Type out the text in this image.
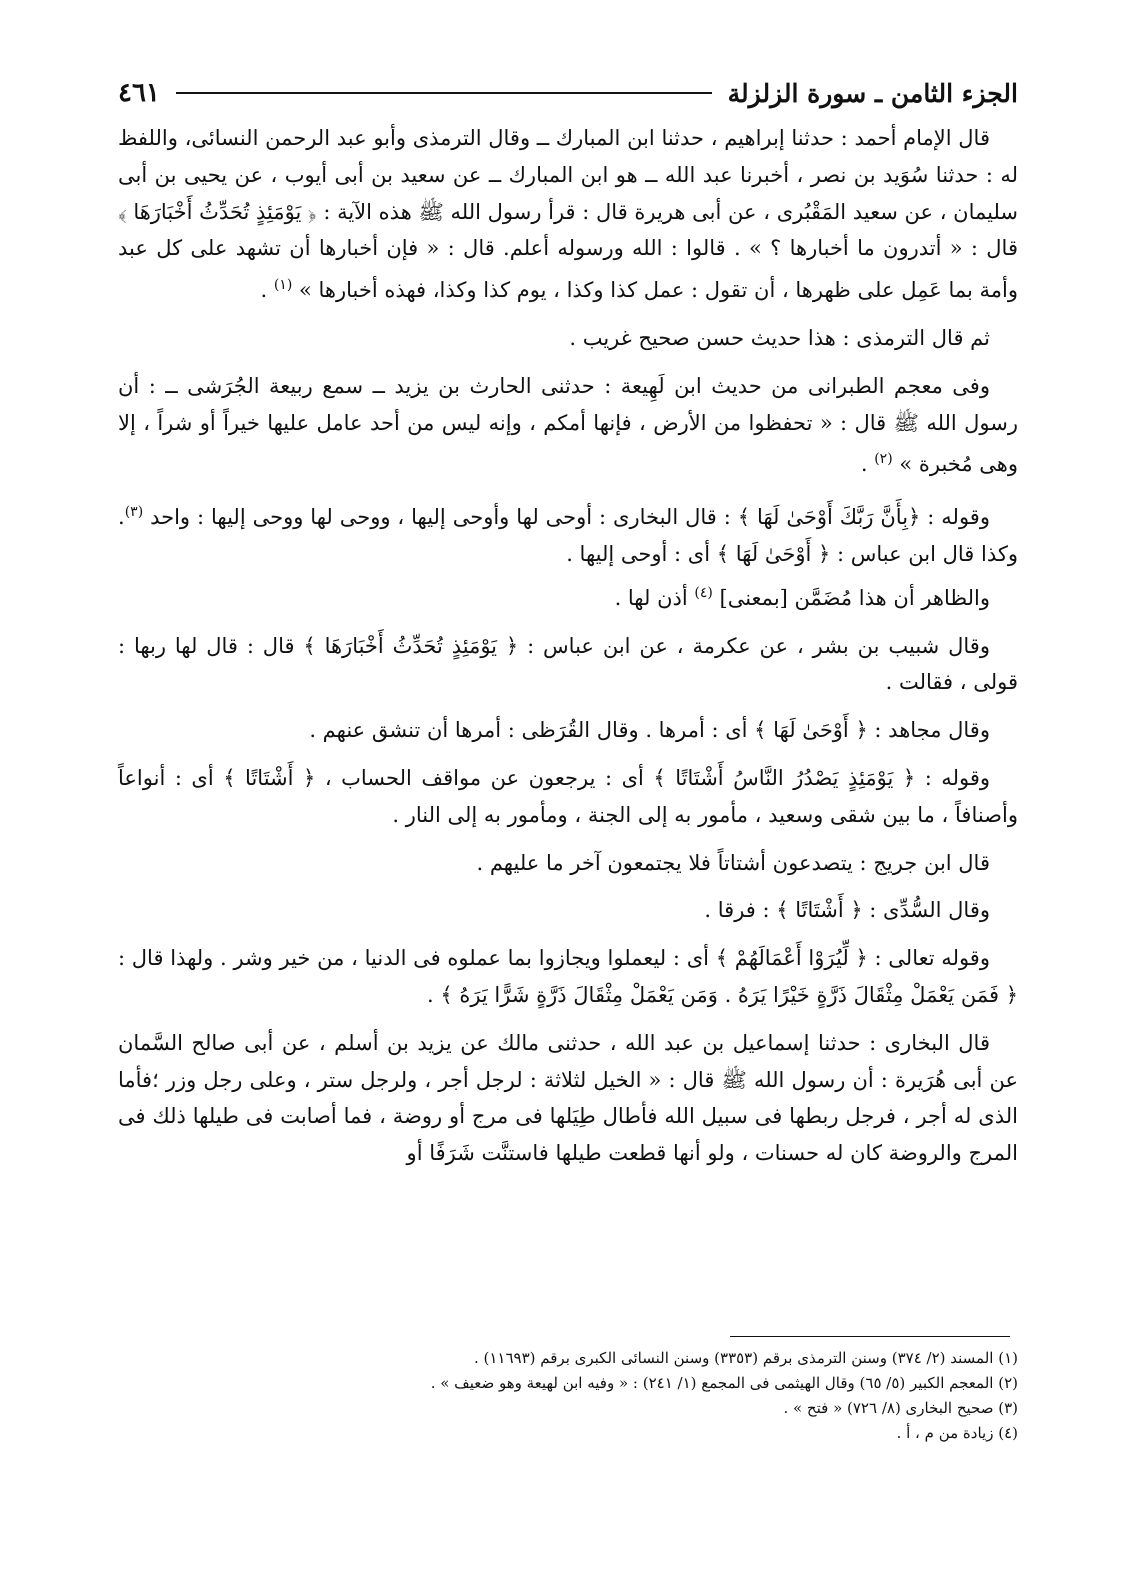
الجزء الثامن ـ سورة الزلزلة
٤٦١

قال الإمام أحمد : حدثنا إبراهيم ، حدثنا ابن المبارك ــ وقال الترمذى وأبو عبد الرحمن النسائى، واللفظ له : حدثنا سُوَيد بن نصر ، أخبرنا عبد الله ــ هو ابن المبارك ــ عن سعيد بن أبى أيوب ، عن يحيى بن أبى سليمان ، عن سعيد المَقْبُرى ، عن أبى هريرة قال : قرأ رسول الله ﷺ هذه الآية : ﴿ يَوْمَئِذٍ تُحَدِّثُ أَخْبَارَهَا ﴾ قال : « أتدرون ما أخبارها ؟ » . قالوا : الله ورسوله أعلم. قال : « فإن أخبارها أن تشهد على كل عبد وأمة بما عَمِل على ظهرها ، أن تقول : عمل كذا وكذا ، يوم كذا وكذا، فهذه أخبارها » $^{(١)}$ .

ثم قال الترمذى : هذا حديث حسن صحيح غريب .

وفى معجم الطبرانى من حديث ابن لَهِيعة : حدثنى الحارث بن يزيد ــ سمع ربيعة الجُرَشى ــ : أن رسول الله ﷺ قال : « تحفظوا من الأرض ، فإنها أمكم ، وإنه ليس من أحد عامل عليها خيراً أو شراً ، إلا وهى مُخبرة » $^{(٢)}$ .

وقوله : ﴿بِأَنَّ رَبَّكَ أَوْحَىٰ لَهَا ﴾ : قال البخارى : أوحى لها وأوحى إليها ، ووحى لها ووحى إليها : واحد $^{(٣)}$. وكذا قال ابن عباس : ﴿ أَوْحَىٰ لَهَا ﴾ أى : أوحى إليها .

والظاهر أن هذا مُضَمَّن [بمعنى] $^{(٤)}$ أذن لها .

وقال شبيب بن بشر ، عن عكرمة ، عن ابن عباس : ﴿ يَوْمَئِذٍ تُحَدِّثُ أَخْبَارَهَا ﴾ قال : قال لها ربها : قولى ، فقالت .

وقال مجاهد : ﴿ أَوْحَىٰ لَهَا ﴾ أى : أمرها . وقال القُرَظى : أمرها أن تنشق عنهم .

وقوله : ﴿ يَوْمَئِذٍ يَصْدُرُ النَّاسُ أَشْتَاتًا ﴾ أى : يرجعون عن مواقف الحساب ، ﴿ أَشْتَاتًا ﴾ أى : أنواعاً وأصنافاً ، ما بين شقى وسعيد ، مأمور به إلى الجنة ، ومأمور به إلى النار .

قال ابن جريج : يتصدعون أشتاتاً فلا يجتمعون آخر ما عليهم .

وقال السُّدِّى : ﴿ أَشْتَاتًا ﴾ : فرقا .

وقوله تعالى : ﴿ لِّيُرَوْا أَعْمَالَهُمْ ﴾ أى : ليعملوا ويجازوا بما عملوه فى الدنيا ، من خير وشر . ولهذا قال : ﴿ فَمَن يَعْمَلْ مِثْقَالَ ذَرَّةٍ خَيْرًا يَرَهُ . وَمَن يَعْمَلْ مِثْقَالَ ذَرَّةٍ شَرًّا يَرَهُ ﴾ .

قال البخارى : حدثنا إسماعيل بن عبد الله ، حدثنى مالك عن يزيد بن أسلم ، عن أبى صالح السَّمان عن أبى هُرَيرة : أن رسول الله ﷺ قال : « الخيل لثلاثة : لرجل أجر ، ولرجل ستر ، وعلى رجل وزر ؛فأما الذى له أجر ، فرجل ربطها فى سبيل الله فأطال طِيَلها فى مرج أو روضة ، فما أصابت فى طيلها ذلك فى المرج والروضة كان له حسنات ، ولو أنها قطعت طيلها فاستنَّت شَرَفًا أو

(١) المسند (٢/ ٣٧٤) وسنن الترمذى برقم (٣٣٥٣) وسنن النسائى الكبرى برقم (١١٦٩٣) .

(٢) المعجم الكبير (٥/ ٦٥) وقال الهيثمى فى المجمع (١/ ٢٤١) : « وفيه ابن لهيعة وهو ضعيف » .

(٣) صحيح البخارى (٨/ ٧٢٦) « فتح » .

(٤) زيادة من م ، أ .
